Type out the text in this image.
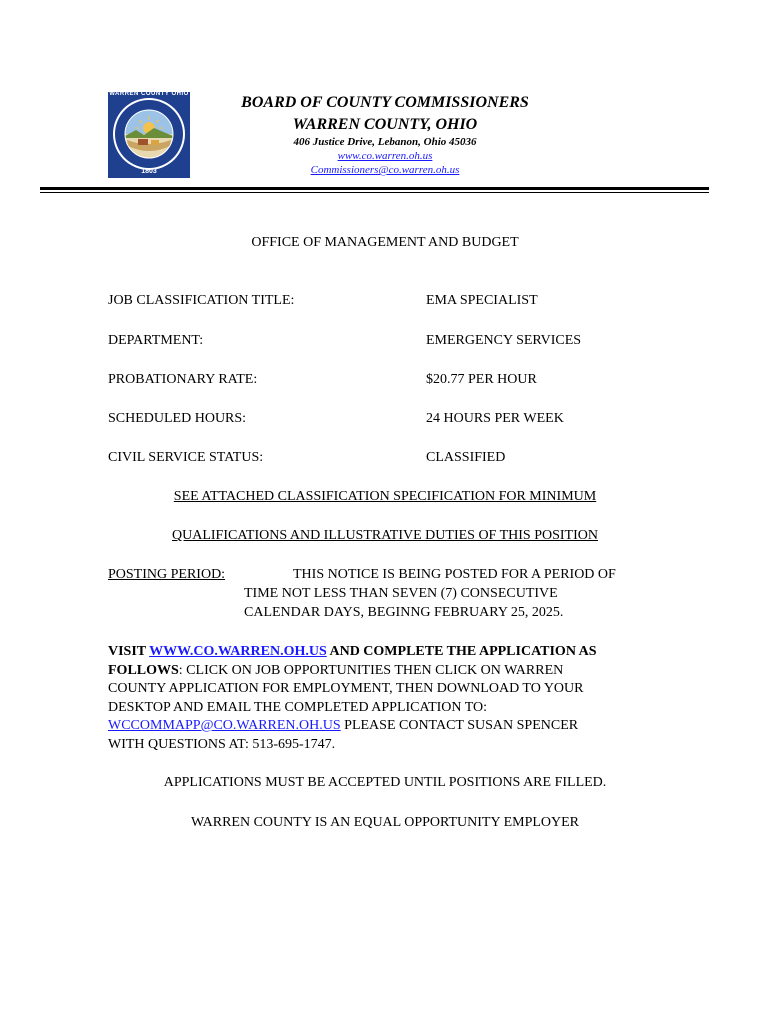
WARREN COUNTY OHIO
1803
BOARD OF COUNTY COMMISSIONERS
WARREN COUNTY, OHIO
406 Justice Drive, Lebanon, Ohio 45036
www.co.warren.oh.us
Commissioners@co.warren.oh.us
OFFICE OF MANAGEMENT AND BUDGET
JOB CLASSIFICATION TITLE:	EMA SPECIALIST
DEPARTMENT:	EMERGENCY SERVICES
PROBATIONARY RATE:	$20.77 PER HOUR
SCHEDULED HOURS:	24 HOURS PER WEEK
CIVIL SERVICE STATUS:	CLASSIFIED
SEE ATTACHED CLASSIFICATION SPECIFICATION FOR MINIMUM
QUALIFICATIONS AND ILLUSTRATIVE DUTIES OF THIS POSITION
POSTING PERIOD:	THIS NOTICE IS BEING POSTED FOR A PERIOD OF
TIME NOT LESS THAN SEVEN (7) CONSECUTIVE
CALENDAR DAYS, BEGINNG FEBRUARY 25, 2025.
VISIT WWW.CO.WARREN.OH.US AND COMPLETE THE APPLICATION AS
FOLLOWS: CLICK ON JOB OPPORTUNITIES THEN CLICK ON WARREN
COUNTY APPLICATION FOR EMPLOYMENT, THEN DOWNLOAD TO YOUR
DESKTOP AND EMAIL THE COMPLETED APPLICATION TO:
WCCOMMAPP@CO.WARREN.OH.US PLEASE CONTACT SUSAN SPENCER
WITH QUESTIONS AT: 513-695-1747.
APPLICATIONS MUST BE ACCEPTED UNTIL POSITIONS ARE FILLED.
WARREN COUNTY IS AN EQUAL OPPORTUNITY EMPLOYER
